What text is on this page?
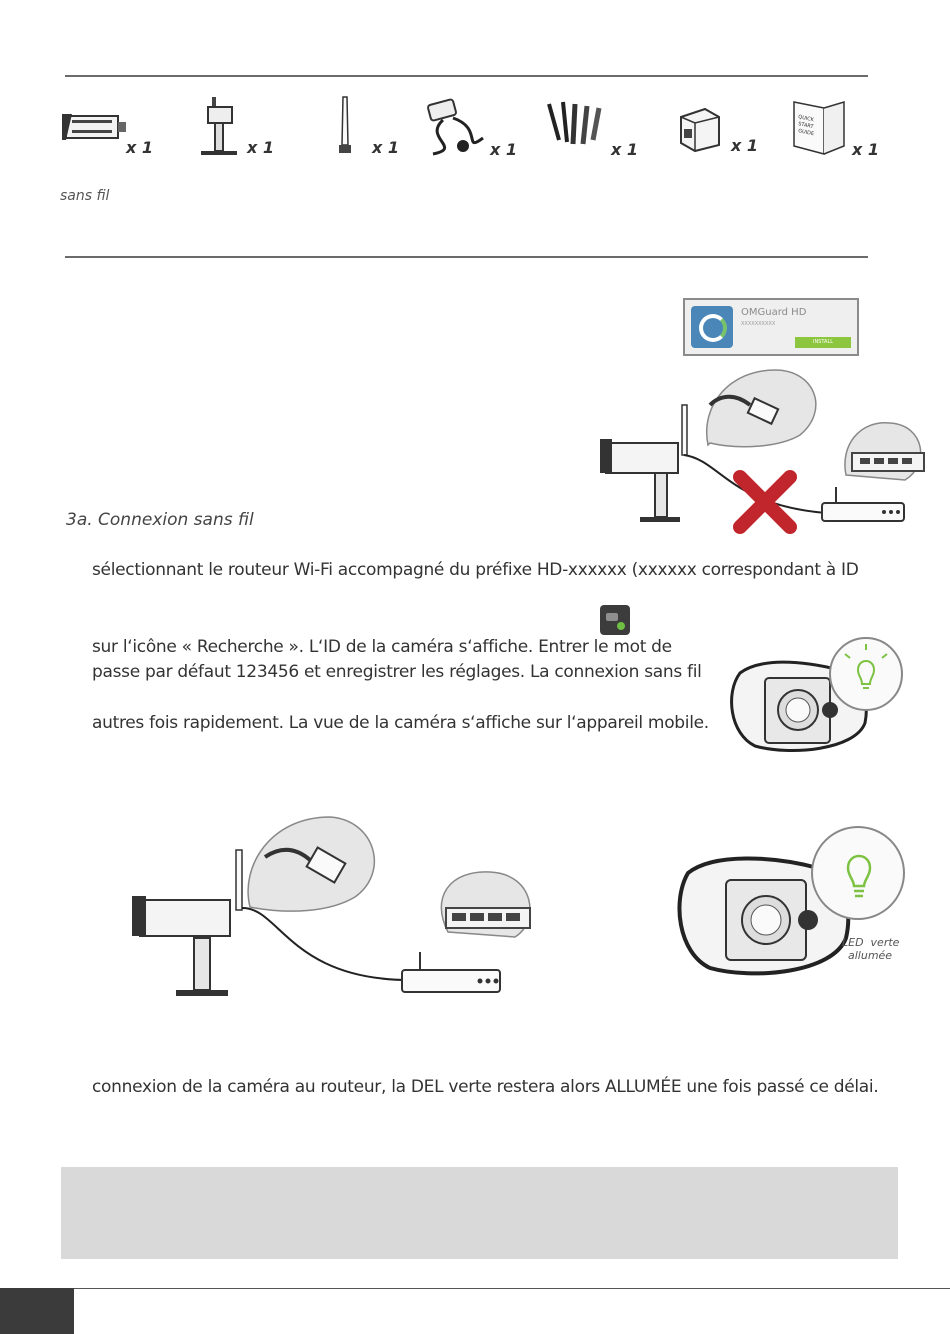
QUICK
START
GUIDE
x 1	x 1	x 1	x 1	x 1	x 1	x 1
sans fil
OMGuard HD
XXXXXXXXXX
INSTALL
3a. Connexion sans fil
sélectionnant le routeur Wi-Fi accompagné du préfixe HD-xxxxxx (xxxxxx correspondant à ID
sur l‘icône « Recherche ». L‘ID de la caméra s‘affiche. Entrer le mot de
passe par défaut 123456 et enregistrer les réglages. La connexion sans fil
autres fois rapidement. La vue de la caméra s‘affiche sur l‘appareil mobile.
LED  verte
allumée
connexion de la caméra au routeur, la DEL verte restera alors ALLUMÉE une fois passé ce délai.
